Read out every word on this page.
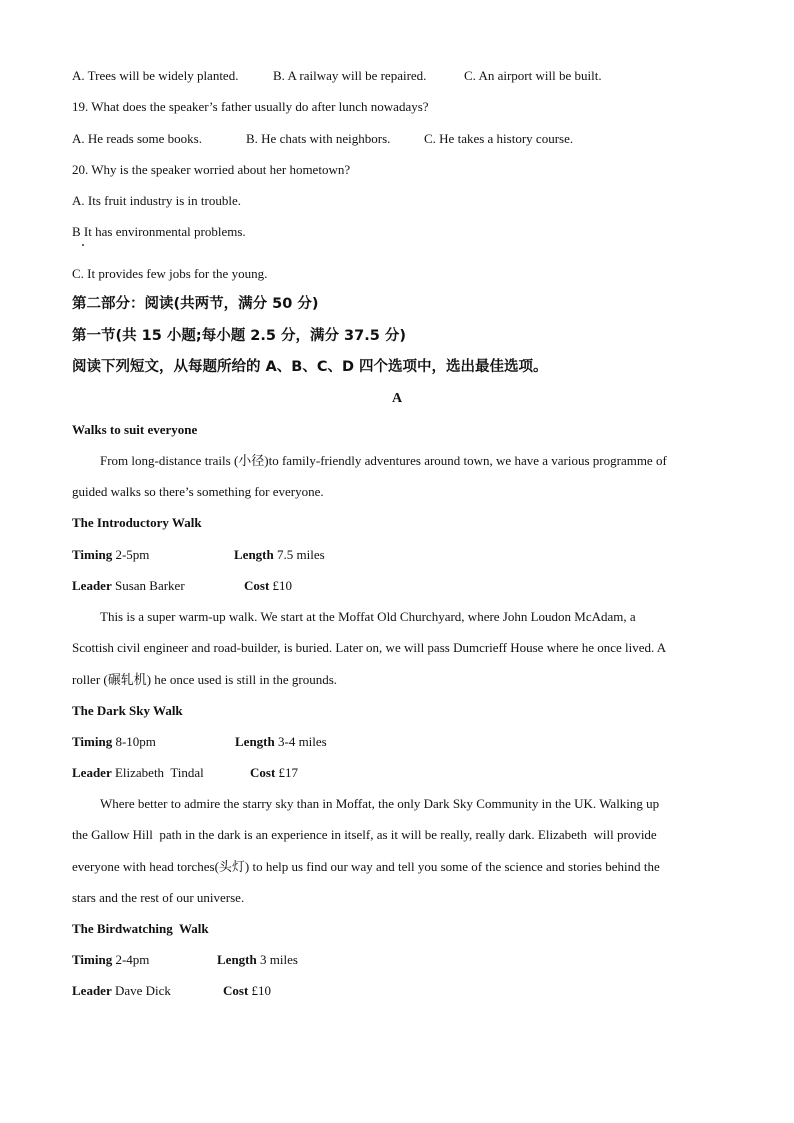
A. Trees will be widely planted.	B. A railway will be repaired.	C. An airport will be built.
19. What does the speaker’s father usually do after lunch nowadays?
A. He reads some books.	B. He chats with neighbors.	C. He takes a history course.
20. Why is the speaker worried about her hometown?
A. Its fruit industry is in trouble.
B It has environmental problems.
C. It provides few jobs for the young.
第二部分：阅读(共两节，满分 50 分)
第一节(共 15 小题;每小题 2.5 分，满分 37.5 分)
阅读下列短文，从每题所给的 A、B、C、D 四个选项中，选出最佳选项。
A
Walks to suit everyone
From long-distance trails (小径)to family-friendly adventures around town, we have a various programme of
guided walks so there’s something for everyone.
The Introductory Walk
Timing 2-5pm	Length 7.5 miles
Leader Susan Barker	Cost £10
This is a super warm-up walk. We start at the Moffat Old Churchyard, where John Loudon McAdam, a
Scottish civil engineer and road-builder, is buried. Later on, we will pass Dumcrieff House where he once lived. A
roller (碾轧机) he once used is still in the grounds.
The Dark Sky Walk
Timing 8-10pm	Length 3-4 miles
Leader Elizabeth  Tindal	Cost £17
Where better to admire the starry sky than in Moffat, the only Dark Sky Community in the UK. Walking up
the Gallow Hill  path in the dark is an experience in itself, as it will be really, really dark. Elizabeth  will provide
everyone with head torches(头灯) to help us find our way and tell you some of the science and stories behind the
stars and the rest of our universe.
The Birdwatching  Walk
Timing 2-4pm	Length 3 miles
Leader Dave Dick	Cost £10
